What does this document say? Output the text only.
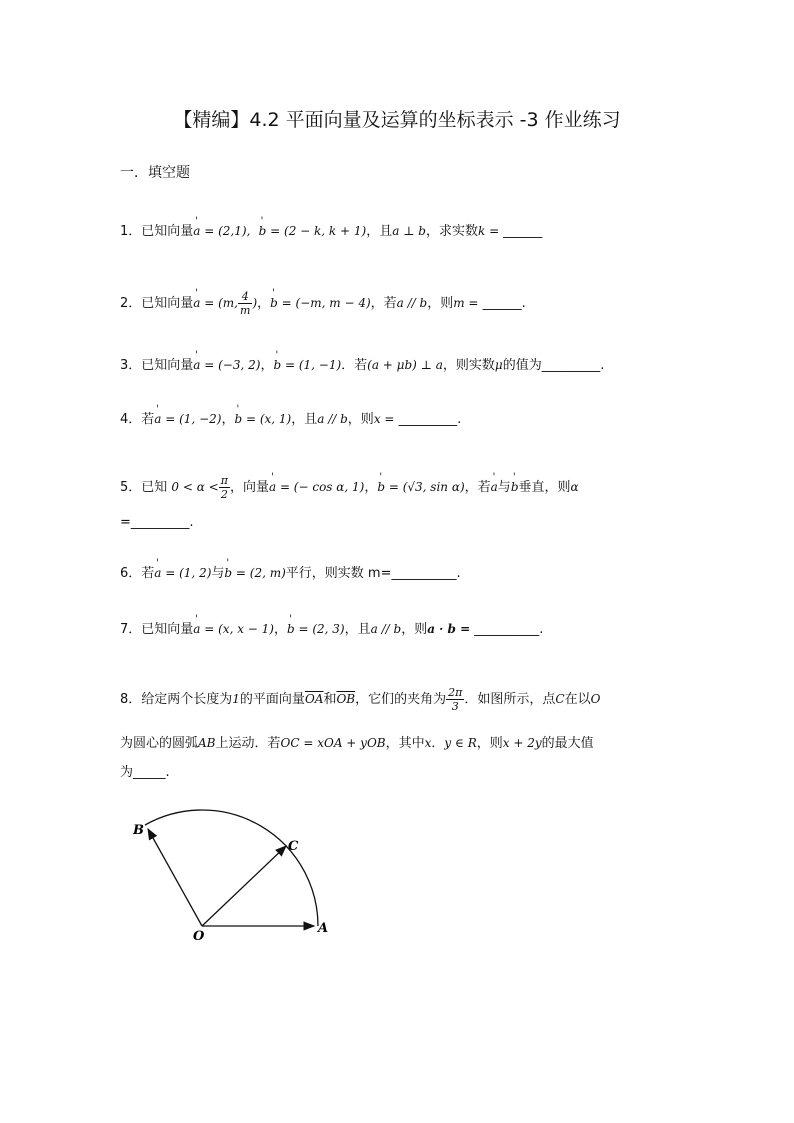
【精编】4.2 平面向量及运算的坐标表示 -3 作业练习
一．填空题
1．已知向量' a = (2,1), ' b = (2 − k, k + 1)，且a ⊥ b，求实数k = ______
2．已知向量' a = (m, $\frac{4}{m}$ )，' b = (−m, m − 4)，若a // b，则m = ______.
3．已知向量' a = (−3, 2)，' b = (1, −1)．若(a + μb) ⊥ a，则实数μ的值为_________.
4．若' a = (1, −2)，' b = (x, 1)，且a // b，则x = _________.
5．已知 $0 < \alpha < \frac{\pi}{2}$ ，向量' a = (− cos α, 1)，' b = (√3, sin α)，若' a与' b垂直，则α
=_________.
6．若' a = (1, 2)与' b = (2, m)平行，则实数 m=__________.
7．已知向量' a = (x, x − 1)，' b = (2, 3)，且a // b，则a · b = __________.
8．给定两个长度为1的平面向量$\overline{OA}$和$\overline{OB}$，它们的夹角为 $\frac{2\pi}{3}$ ．如图所示，点C在以O
为圆心的圆弧AB上运动．若OC = xOA + yOB，其中x．y ∈ R，则x + 2y的最大值
为_____.
O
A
B
C
